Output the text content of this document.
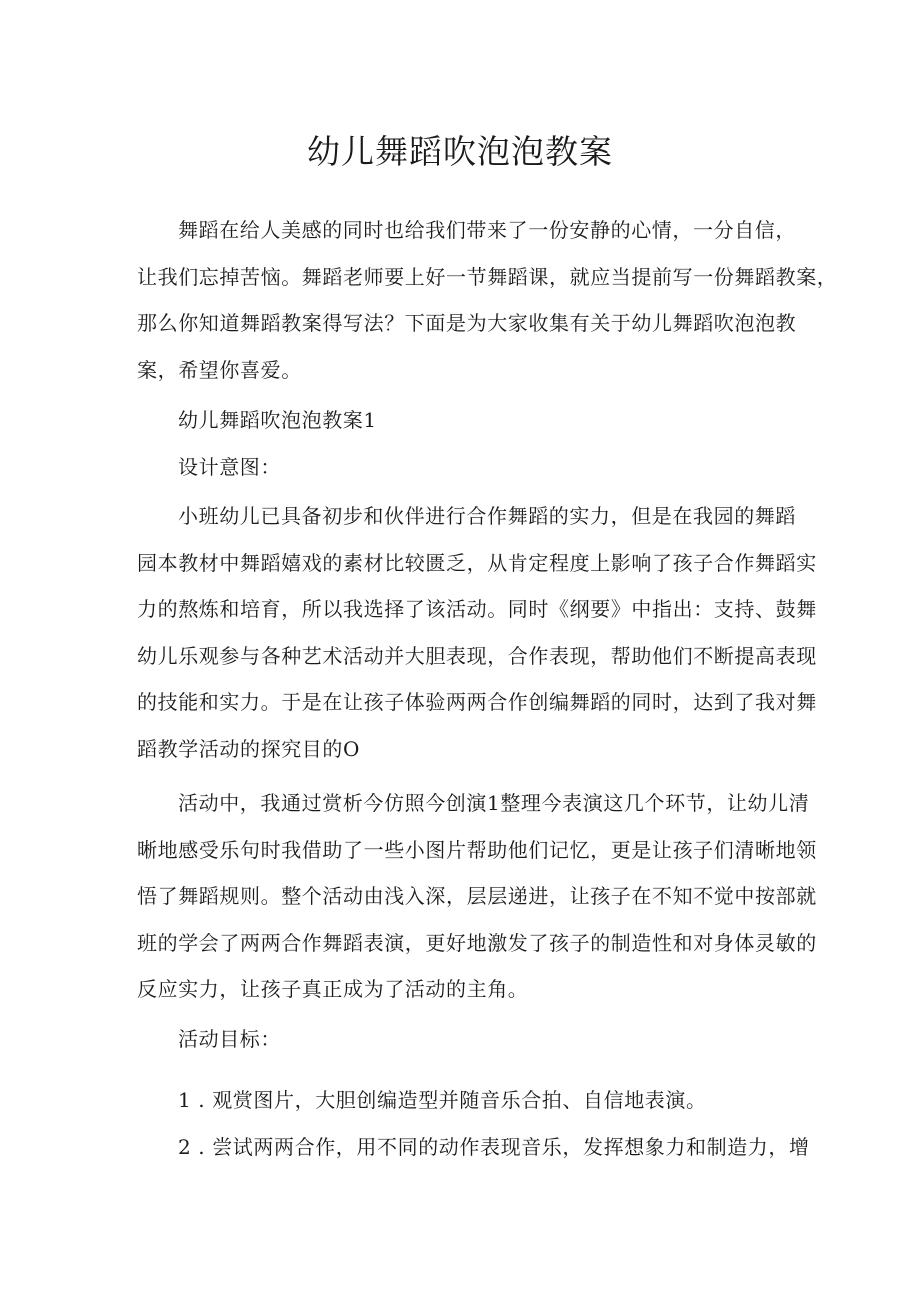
幼儿舞蹈吹泡泡教案
舞蹈在给人美感的同时也给我们带来了一份安静的心情，一分自信，
让我们忘掉苦恼。舞蹈老师要上好一节舞蹈课，就应当提前写一份舞蹈教案，
那么你知道舞蹈教案得写法？下面是为大家收集有关于幼儿舞蹈吹泡泡教
案，希望你喜爱。

幼儿舞蹈吹泡泡教案1

设计意图：

小班幼儿已具备初步和伙伴进行合作舞蹈的实力，但是在我园的舞蹈
园本教材中舞蹈嬉戏的素材比较匮乏，从肯定程度上影响了孩子合作舞蹈实
力的熬炼和培育，所以我选择了该活动。同时《纲要》中指出：支持、鼓舞
幼儿乐观参与各种艺术活动并大胆表现，合作表现，帮助他们不断提高表现
的技能和实力。于是在让孩子体验两两合作创编舞蹈的同时，达到了我对舞
蹈教学活动的探究目的O
活动中，我通过赏析今仿照今创演1整理今表演这几个环节，让幼儿清
晰地感受乐句时我借助了一些小图片帮助他们记忆，更是让孩子们清晰地领
悟了舞蹈规则。整个活动由浅入深，层层递进，让孩子在不知不觉中按部就
班的学会了两两合作舞蹈表演，更好地激发了孩子的制造性和对身体灵敏的
反应实力，让孩子真正成为了活动的主角。

活动目标：

1 . 观赏图片，大胆创编造型并随音乐合拍、自信地表演。

2 . 尝试两两合作，用不同的动作表现音乐，发挥想象力和制造力，增
